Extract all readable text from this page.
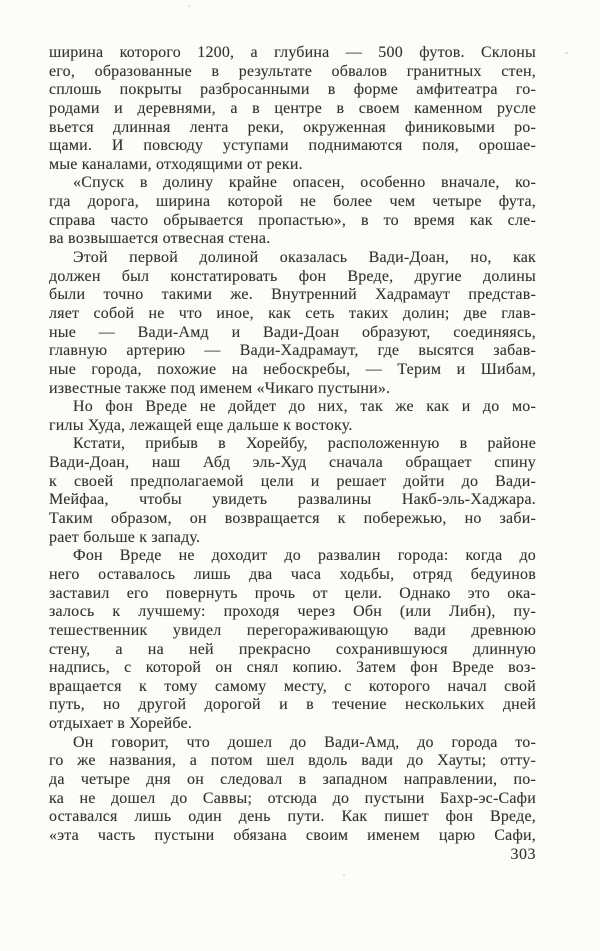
ширина которого 1200, а глубина — 500 футов. Склоны
его, образованные в результате обвалов гранитных стен,
сплошь покрыты разбросанными в форме амфитеатра го-
родами и деревнями, а в центре в своем каменном русле
вьется длинная лента реки, окруженная финиковыми ро-
щами. И повсюду уступами поднимаются поля, орошае-
мые каналами, отходящими от реки.
«Спуск в долину крайне опасен, особенно вначале, ко-
гда дорога, ширина которой не более чем четыре фута,
справа часто обрывается пропастью», в то время как сле-
ва возвышается отвесная стена.
Этой первой долиной оказалась Вади-Доан, но, как
должен был констатировать фон Вреде, другие долины
были точно такими же. Внутренний Хадрамаут представ-
ляет собой не что иное, как сеть таких долин; две глав-
ные — Вади-Амд и Вади-Доан образуют, соединяясь,
главную артерию — Вади-Хадрамаут, где высятся забав-
ные города, похожие на небоскребы, — Терим и Шибам,
известные также под именем «Чикаго пустыни».
Но фон Вреде не дойдет до них, так же как и до мо-
гилы Худа, лежащей еще дальше к востоку.
Кстати, прибыв в Хорейбу, расположенную в районе
Вади-Доан, наш Абд эль-Худ сначала обращает спину
к своей предполагаемой цели и решает дойти до Вади-
Мейфаа, чтобы увидеть развалины Накб-эль-Хаджара.
Таким образом, он возвращается к побережью, но заби-
рает больше к западу.
Фон Вреде не доходит до развалин города: когда до
него оставалось лишь два часа ходьбы, отряд бедуинов
заставил его повернуть прочь от цели. Однако это ока-
залось к лучшему: проходя через Обн (или Либн), пу-
тешественник увидел перегораживающую вади древнюю
стену, а на ней прекрасно сохранившуюся длинную
надпись, с которой он снял копию. Затем фон Вреде воз-
вращается к тому самому месту, с которого начал свой
путь, но другой дорогой и в течение нескольких дней
отдыхает в Хорейбе.
Он говорит, что дошел до Вади-Амд, до города то-
го же названия, а потом шел вдоль вади до Хауты; отту-
да четыре дня он следовал в западном направлении, по-
ка не дошел до Саввы; отсюда до пустыни Бахр-эс-Сафи
оставался лишь один день пути. Как пишет фон Вреде,
«эта часть пустыни обязана своим именем царю Сафи,
303
